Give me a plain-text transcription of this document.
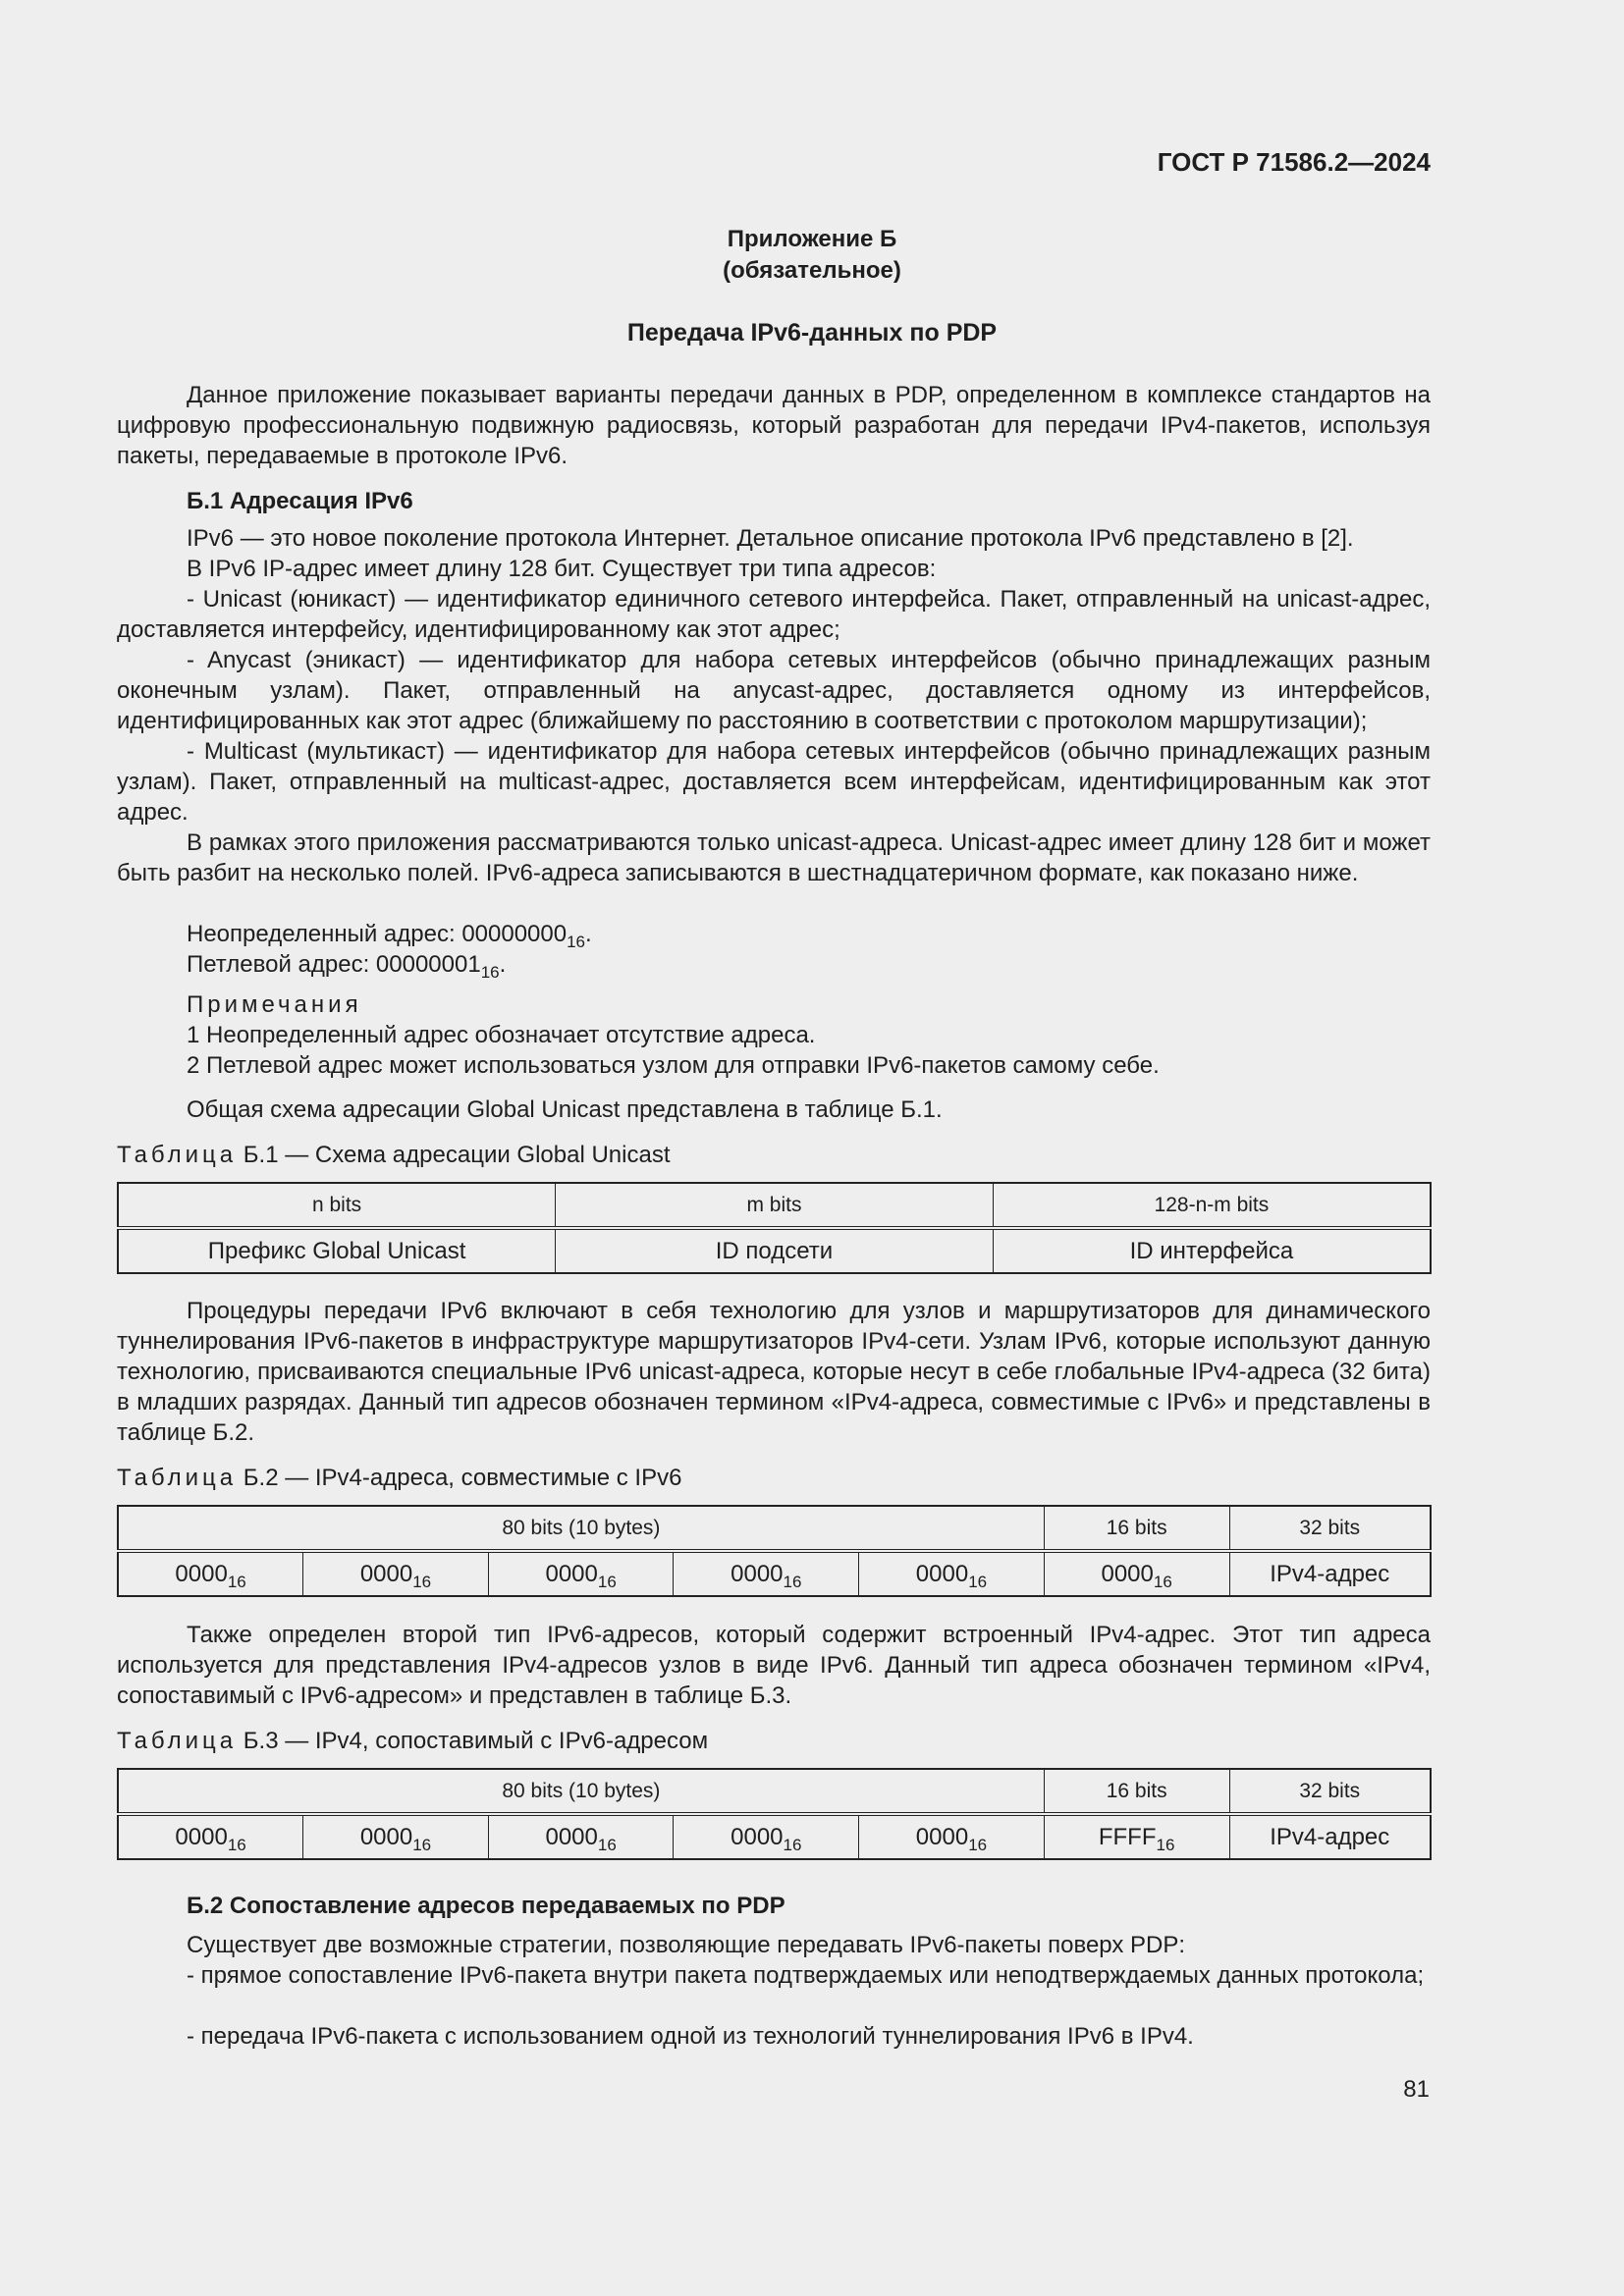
ГОСТ Р 71586.2—2024
Приложение Б
(обязательное)
Передача IPv6-данных по PDP

Данное приложение показывает варианты передачи данных в PDP, определенном в комплексе стандартов на цифровую профессиональную подвижную радиосвязь, который разработан для передачи IPv4-пакетов, используя пакеты, передаваемые в протоколе IPv6.

Б.1 Адресация IPv6

IPv6 — это новое поколение протокола Интернет. Детальное описание протокола IPv6 представлено в [2].

В IPv6 IP-адрес имеет длину 128 бит. Существует три типа адресов:

- Unicast (юникаст) — идентификатор единичного сетевого интерфейса. Пакет, отправленный на unicast-адрес, доставляется интерфейсу, идентифицированному как этот адрес;

- Anycast (эникаст) — идентификатор для набора сетевых интерфейсов (обычно принадлежащих разным оконечным узлам). Пакет, отправленный на anycast-адрес, доставляется одному из интерфейсов, идентифицированных как этот адрес (ближайшему по расстоянию в соответствии с протоколом маршрутизации);

- Multicast (мультикаст) — идентификатор для набора сетевых интерфейсов (обычно принадлежащих разным узлам). Пакет, отправленный на multicast-адрес, доставляется всем интерфейсам, идентифицированным как этот адрес.

В рамках этого приложения рассматриваются только unicast-адреса. Unicast-адрес имеет длину 128 бит и может быть разбит на несколько полей. IPv6-адреса записываются в шестнадцатеричном формате, как показано ниже.

Неопределенный адрес: $00000000_{16}$.

Петлевой адрес: $00000001_{16}$.

Примечания

1 Неопределенный адрес обозначает отсутствие адреса.

2 Петлевой адрес может использоваться узлом для отправки IPv6-пакетов самому себе.

Общая схема адресации Global Unicast представлена в таблице Б.1.

Таблица Б.1 — Схема адресации Global Unicast

n bits	m bits	128-n-m bits
Префикс Global Unicast	ID подсети	ID интерфейса

Процедуры передачи IPv6 включают в себя технологию для узлов и маршрутизаторов для динамического туннелирования IPv6-пакетов в инфраструктуре маршрутизаторов IPv4-сети. Узлам IPv6, которые используют данную технологию, присваиваются специальные IPv6 unicast-адреса, которые несут в себе глобальные IPv4-адреса (32 бита) в младших разрядах. Данный тип адресов обозначен термином «IPv4-адреса, совместимые с IPv6» и представлены в таблице Б.2.

Таблица Б.2 — IPv4-адреса, совместимые с IPv6

80 bits (10 bytes)					16 bits	32 bits
$0000_{16}$	$0000_{16}$	$0000_{16}$	$0000_{16}$	$0000_{16}$	$0000_{16}$	IPv4-адрес

Также определен второй тип IPv6-адресов, который содержит встроенный IPv4-адрес. Этот тип адреса используется для представления IPv4-адресов узлов в виде IPv6. Данный тип адреса обозначен термином «IPv4, сопоставимый с IPv6-адресом» и представлен в таблице Б.3.

Таблица Б.3 — IPv4, сопоставимый с IPv6-адресом

80 bits (10 bytes)					16 bits	32 bits
$0000_{16}$	$0000_{16}$	$0000_{16}$	$0000_{16}$	$0000_{16}$	$FFFF_{16}$	IPv4-адрес

Б.2 Сопоставление адресов передаваемых по PDP

Существует две возможные стратегии, позволяющие передавать IPv6-пакеты поверх PDP:

- прямое сопоставление IPv6-пакета внутри пакета подтверждаемых или неподтверждаемых данных протокола;

- передача IPv6-пакета с использованием одной из технологий туннелирования IPv6 в IPv4.

81
